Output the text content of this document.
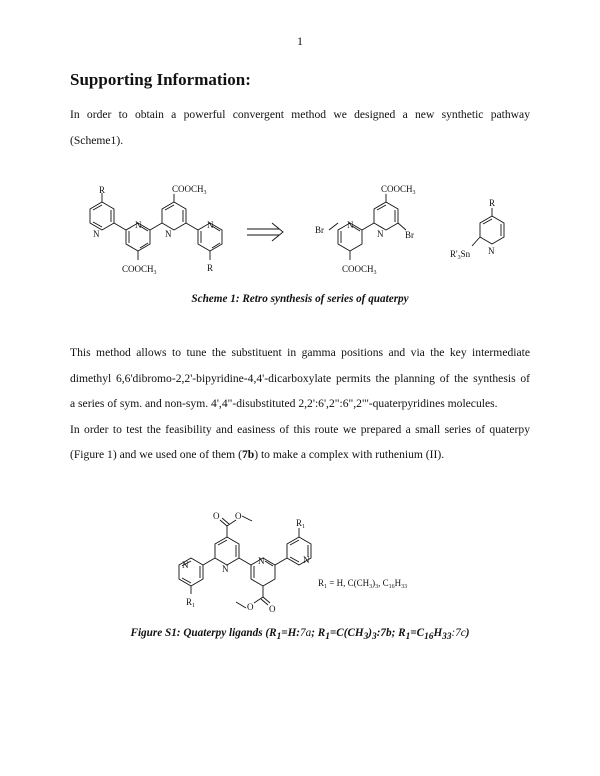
1
Supporting Information:
In order to obtain a powerful convergent method we designed a new synthetic pathway
(Scheme1).
R
N
N
N
$COOCH_3$
$COOCH_3$
N
R
Br	N
$COOCH_3$
N
$COOCH_3$
Br
R
N
$R'_3Sn$
Scheme 1: Retro synthesis of series of quaterpy
This method allows to tune the substituent in gamma positions and via the key intermediate
dimethyl 6,6'dibromo-2,2'-bipyridine-4,4'-dicarboxylate permits the planning of the synthesis of
a series of sym. and non-sym. 4',4"-disubstituted 2,2':6',2":6",2"'-quaterpyridines molecules.
In order to test the feasibility and easiness of this route we prepared a small series of quaterpy
(Figure 1) and we used one of them (7b) to make a complex with ruthenium (II).
N
$R_1$
N
O O
N
O
O
N
$R_1$
$R_1 = H$, $C(CH_3)_3$, $C_{16}H_{33}$
Figure S1: Quaterpy ligands ($R_1=H:7a$; $R_1=C(CH_3)_3:7b$; $R_1=C_{16}H_{33}:7c$)
